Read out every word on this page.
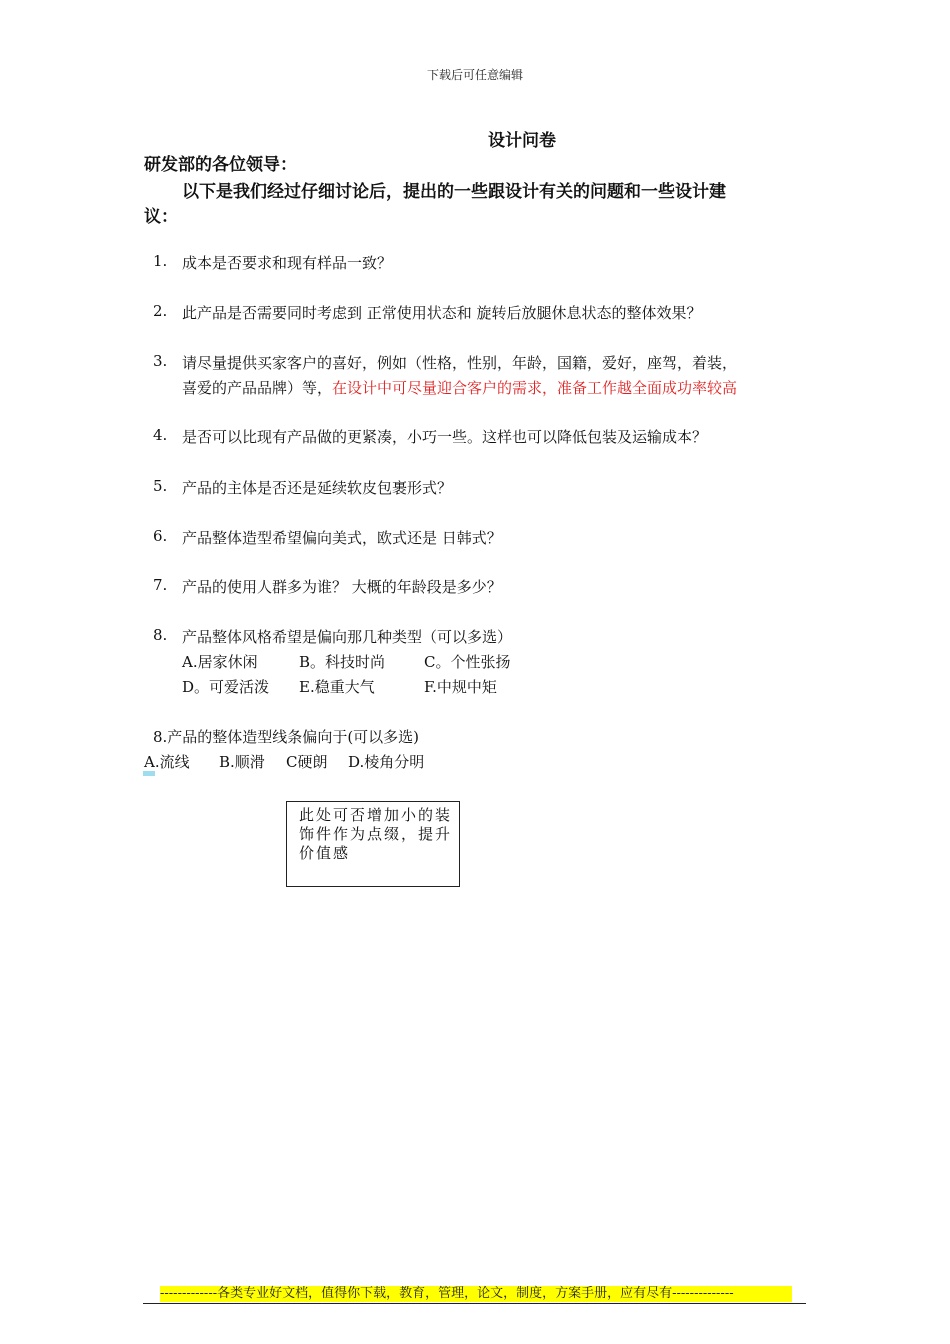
下载后可任意编辑
设计问卷
研发部的各位领导：
以下是我们经过仔细讨论后，提出的一些跟设计有关的问题和一些设计建
议：
1. 成本是否要求和现有样品一致？
2. 此产品是否需要同时考虑到 正常使用状态和 旋转后放腿休息状态的整体效果？
3. 请尽量提供买家客户的喜好，例如（性格，性别，年龄，国籍，爱好，座驾，着装，
喜爱的产品品牌）等，在设计中可尽量迎合客户的需求，准备工作越全面成功率较高
4. 是否可以比现有产品做的更紧凑，小巧一些。这样也可以降低包装及运输成本？
5. 产品的主体是否还是延续软皮包裹形式？
6. 产品整体造型希望偏向美式，欧式还是 日韩式？
7. 产品的使用人群多为谁？ 大概的年龄段是多少？
8. 产品整体风格希望是偏向那几种类型（可以多选）
A.居家休闲	B。科技时尚	C。个性张扬
D。可爱活泼 E.稳重大气	F.中规中矩
8.产品的整体造型线条偏向于(可以多选)
A.流线 B.顺滑 C硬朗 D.棱角分明
此处可否增加小的装饰件作为点缀，提升价值感
-------------各类专业好文档，值得你下载，教育，管理，论文，制度，方案手册，应有尽有--------------
